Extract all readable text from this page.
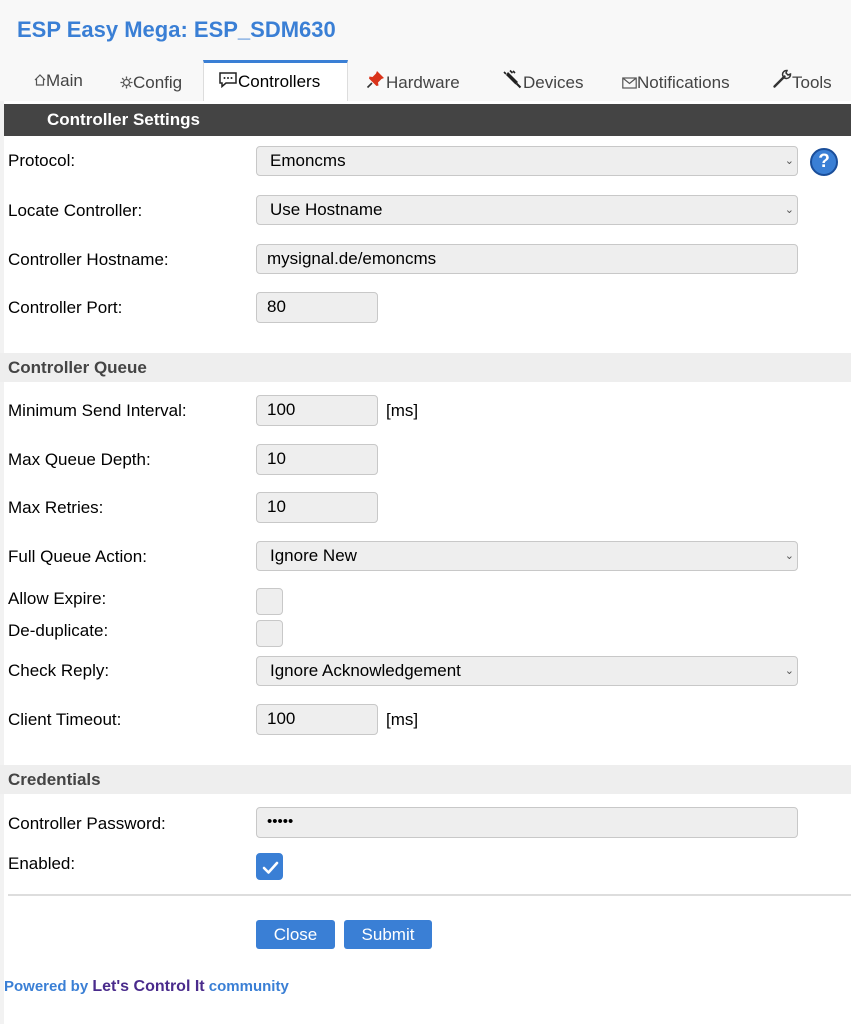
ESP Easy Mega: ESP_SDM630
Main	Config	Controllers	Hardware	Devices	Notifications	Tools
Controller Settings
Protocol:	Emoncms	⌄	?
Locate Controller:	Use Hostname	⌄
Controller Hostname:	mysignal.de/emoncms
Controller Port:	80
Controller Queue
Minimum Send Interval:	100	[ms]
Max Queue Depth:	10
Max Retries:	10
Full Queue Action:	Ignore New	⌄
Allow Expire:
De-duplicate:
Check Reply:	Ignore Acknowledgement	⌄
Client Timeout:	100	[ms]
Credentials
Controller Password:	•••••
Enabled:
Close	Submit
Powered by Let's Control It community
